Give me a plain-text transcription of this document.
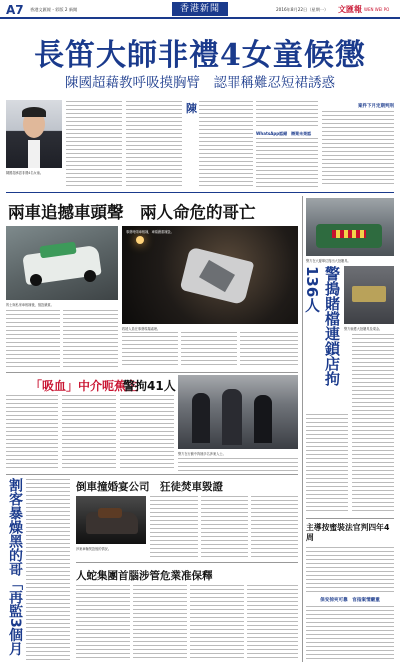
A7 香港文匯報・彩版 2 新聞	香港新聞	2016年8月22日（星期一） 文匯報 WEN WEI PO
長笛大師非禮4女童候懲
陳國超藉教呼吸摸胸臂　認罪稱難忍短裙誘惑
陳國超承認非禮4名女童。
陳
WhatsApp認錯　辯案未果認
案件下月定期判刑
兩車追撼車頭聲　兩人命危的哥亡
的士與私家車相撞後，損毀嚴重。
事發時兩車相撞，車頭嚴重撞毀。
救援人員在事發現場處理。
「吸血」中介呃蕉主
警拘41人
警方在行動中拘捕多名涉案人士。
割客暴燥黑的哥「再監3個月	倒車撞婚宴公司　狂徒焚車毀證
涉案車輛焚毀後的情況。
人蛇集團首腦涉管危業准保釋
警方在大廈單位搜出大批賭具。
警方檢獲大批賭具及現金。
警搗賭檔連鎖店拘136人
主導按蜜裝法官判四年4周
保安掠夾可靠　官指案情嚴重
